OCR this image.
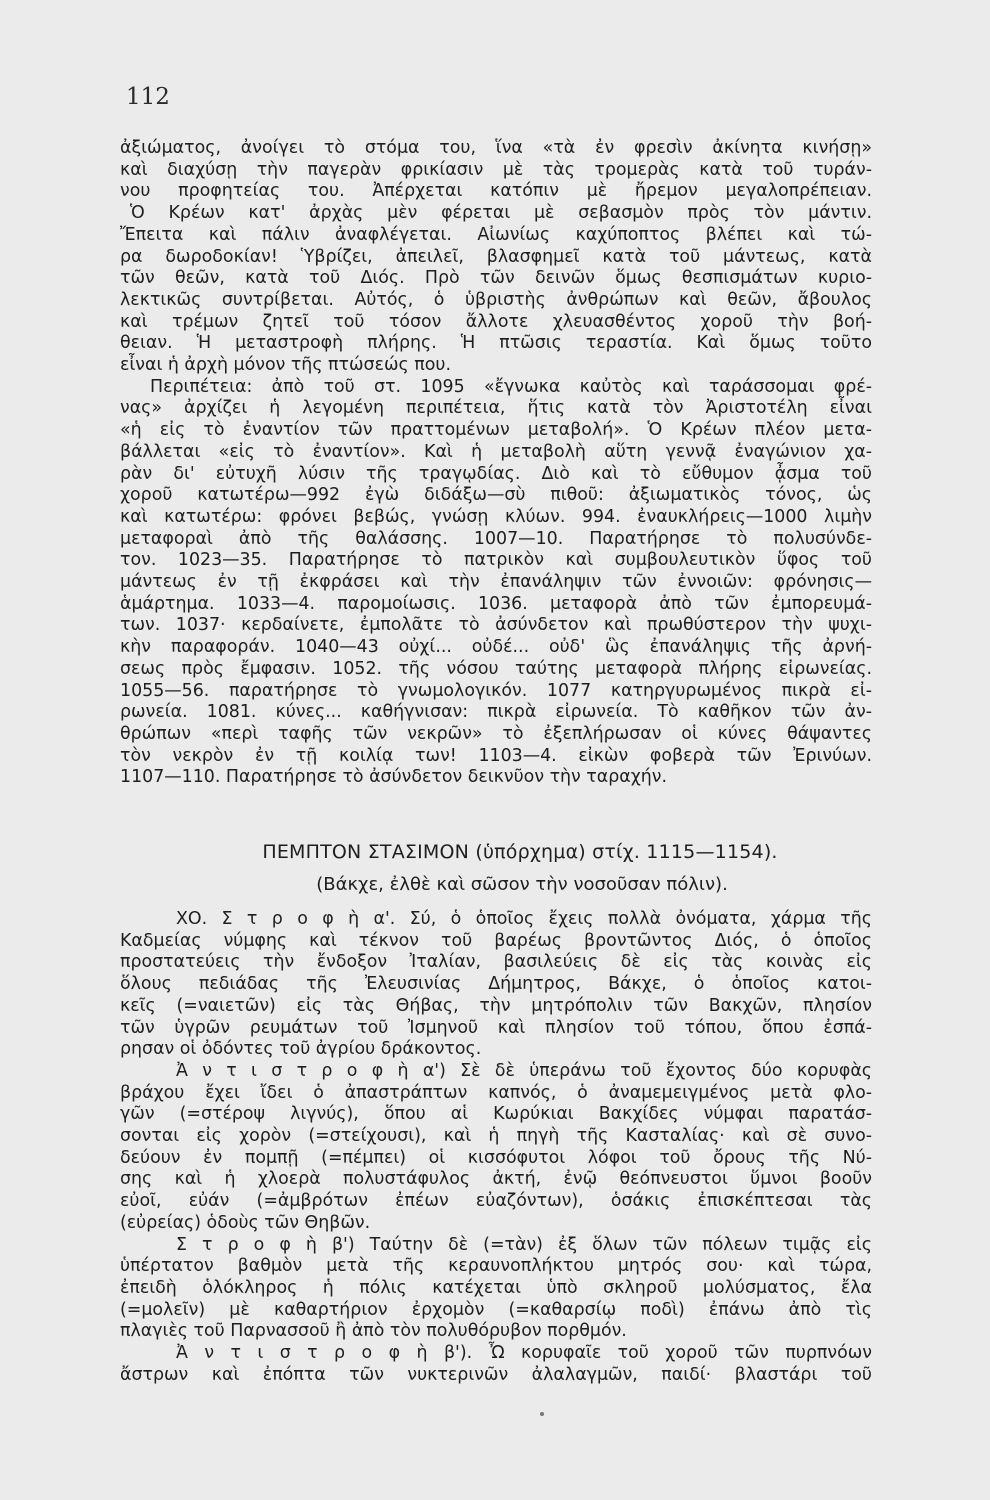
112
ἀξιώματος, ἀνοίγει τὸ στόμα του, ἵνα «τὰ ἐν φρεσὶν ἀκίνητα κινήσῃ»
καὶ διαχύσῃ τὴν παγερὰν φρικίασιν μὲ τὰς τρομερὰς κατὰ τοῦ τυράν-
νου προφητείας του. Ἀπέρχεται κατόπιν μὲ ἤρεμον μεγαλοπρέπειαν.
Ὁ Κρέων κατ' ἀρχὰς μὲν φέρεται μὲ σεβασμὸν πρὸς τὸν μάντιν.
Ἔπειτα καὶ πάλιν ἀναφλέγεται. Αἰωνίως καχύποπτος βλέπει καὶ τώ-
ρα δωροδοκίαν! Ὑβρίζει, ἀπειλεῖ, βλασφημεῖ κατὰ τοῦ μάντεως, κατὰ
τῶν θεῶν, κατὰ τοῦ Διός. Πρὸ τῶν δεινῶν ὅμως θεσπισμάτων κυριο-
λεκτικῶς συντρίβεται. Αὐτός, ὁ ὑβριστὴς ἀνθρώπων καὶ θεῶν, ἄβουλος
καὶ τρέμων ζητεῖ τοῦ τόσον ἄλλοτε χλευασθέντος χοροῦ τὴν βοή-
θειαν. Ἡ μεταστροφὴ πλήρης. Ἡ πτῶσις τεραστία. Καὶ ὅμως τοῦτο
εἶναι ἡ ἀρχὴ μόνον τῆς πτώσεώς που.
Περιπέτεια: ἀπὸ τοῦ στ. 1095 «ἔγνωκα καὐτὸς καὶ ταράσσομαι φρέ-
νας» ἀρχίζει ἡ λεγομένη περιπέτεια, ἥτις κατὰ τὸν Ἀριστοτέλη εἶναι
«ἡ εἰς τὸ ἐναντίον τῶν πραττομένων μεταβολή». Ὁ Κρέων πλέον μετα-
βάλλεται «εἰς τὸ ἐναντίον». Καὶ ἡ μεταβολὴ αὕτη γεννᾷ ἐναγώνιον χα-
ρὰν δι' εὐτυχῆ λύσιν τῆς τραγῳδίας. Διὸ καὶ τὸ εὔθυμον ᾆσμα τοῦ
χοροῦ κατωτέρω—992 ἐγὼ διδάξω—σὺ πιθοῦ: ἀξιωματικὸς τόνος, ὡς
καὶ κατωτέρω: φρόνει βεβώς, γνώσῃ κλύων. 994. ἐναυκλήρεις—1000 λιμὴν
μεταφοραὶ ἀπὸ τῆς θαλάσσης. 1007—10. Παρατήρησε τὸ πολυσύνδε-
τον. 1023—35. Παρατήρησε τὸ πατρικὸν καὶ συμβουλευτικὸν ὕφος τοῦ
μάντεως ἐν τῇ ἐκφράσει καὶ τὴν ἐπανάληψιν τῶν ἐννοιῶν: φρόνησις—
ἁμάρτημα. 1033—4. παρομοίωσις. 1036. μεταφορὰ ἀπὸ τῶν ἐμπορευμά-
των. 1037· κερδαίνετε, ἐμπολᾶτε τὸ ἀσύνδετον καὶ πρωθύστερον τὴν ψυχι-
κὴν παραφοράν. 1040—43 οὐχί... οὐδέ... οὐδ' ὣς ἐπανάληψις τῆς ἀρνή-
σεως πρὸς ἔμφασιν. 1052. τῆς νόσου ταύτης μεταφορὰ πλήρης εἰρωνείας.
1055—56. παρατήρησε τὸ γνωμολογικόν. 1077 κατηργυρωμένος πικρὰ εἰ-
ρωνεία. 1081. κύνες... καθήγνισαν: πικρὰ εἰρωνεία. Τὸ καθῆκον τῶν ἀν-
θρώπων «περὶ ταφῆς τῶν νεκρῶν» τὸ ἐξεπλήρωσαν οἱ κύνες θάψαντες
τὸν νεκρὸν ἐν τῇ κοιλίᾳ των! 1103—4. εἰκὼν φοβερὰ τῶν Ἐρινύων.
1107—110. Παρατήρησε τὸ ἀσύνδετον δεικνῦον τὴν ταραχήν.
ΠΕΜΠΤΟΝ ΣΤΑΣΙΜΟΝ (ὑπόρχημα) στίχ. 1115—1154).
(Βάκχε, ἐλθὲ καὶ σῶσον τὴν νοσοῦσαν πόλιν).
ΧΟ. Σ τ ρ ο φ ὴ α'. Σύ, ὁ ὁποῖος ἔχεις πολλὰ ὀνόματα, χάρμα τῆς
Καδμείας νύμφης καὶ τέκνον τοῦ βαρέως βροντῶντος Διός, ὁ ὁποῖος
προστατεύεις τὴν ἔνδοξον Ἰταλίαν, βασιλεύεις δὲ εἰς τὰς κοινὰς εἰς
ὅλους πεδιάδας τῆς Ἐλευσινίας Δήμητρος, Βάκχε, ὁ ὁποῖος κατοι-
κεῖς (=ναιετῶν) εἰς τὰς Θήβας, τὴν μητρόπολιν τῶν Βακχῶν, πλησίον
τῶν ὑγρῶν ρευμάτων τοῦ Ἰσμηνοῦ καὶ πλησίον τοῦ τόπου, ὅπου ἐσπά-
ρησαν οἱ ὀδόντες τοῦ ἀγρίου δράκοντος.
Ἀ ν τ ι σ τ ρ ο φ ὴ α') Σὲ δὲ ὑπεράνω τοῦ ἔχοντος δύο κορυφὰς
βράχου ἔχει ἴδει ὁ ἀπαστράπτων καπνός, ὁ ἀναμεμειγμένος μετὰ φλο-
γῶν (=στέροψ λιγνύς), ὅπου αἱ Κωρύκιαι Βακχίδες νύμφαι παρατάσ-
σονται εἰς χορὸν (=στείχουσι), καὶ ἡ πηγὴ τῆς Κασταλίας· καὶ σὲ συνο-
δεύουν ἐν πομπῇ (=πέμπει) οἱ κισσόφυτοι λόφοι τοῦ ὄρους τῆς Νύ-
σης καὶ ἡ χλοερὰ πολυστάφυλος ἀκτή, ἐνῷ θεόπνευστοι ὕμνοι βοοῦν
εὐοῖ, εὐάν (=ἀμβρότων ἐπέων εὐαζόντων), ὁσάκις ἐπισκέπτεσαι τὰς
(εὐρείας) ὁδοὺς τῶν Θηβῶν.
Σ τ ρ ο φ ὴ β') Ταύτην δὲ (=τὰν) ἐξ ὅλων τῶν πόλεων τιμᾷς εἰς
ὑπέρτατον βαθμὸν μετὰ τῆς κεραυνοπλήκτου μητρός σου· καὶ τώρα,
ἐπειδὴ ὁλόκληρος ἡ πόλις κατέχεται ὑπὸ σκληροῦ μολύσματος, ἔλα
(=μολεῖν) μὲ καθαρτήριον ἐρχομὸν (=καθαρσίῳ ποδὶ) ἐπάνω ἀπὸ τὶς
πλαγιὲς τοῦ Παρνασσοῦ ἢ ἀπὸ τὸν πολυθόρυβον πορθμόν.
Ἀ ν τ ι σ τ ρ ο φ ὴ β'). Ὦ κορυφαῖε τοῦ χοροῦ τῶν πυρπνόων
ἄστρων καὶ ἐπόπτα τῶν νυκτερινῶν ἀλαλαγμῶν, παιδί· βλαστάρι τοῦ
